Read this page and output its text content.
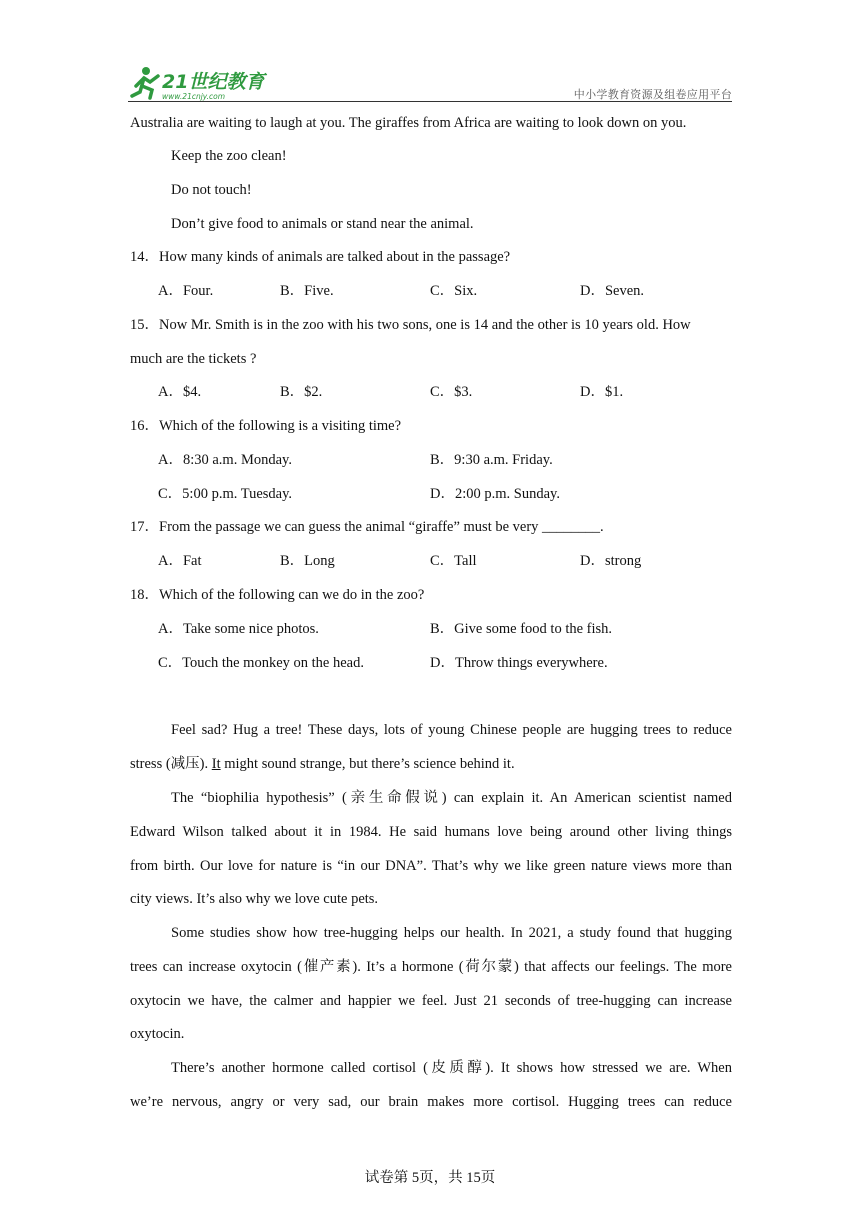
21世纪教育
www.21cnjy.com	中小学教育资源及组卷应用平台
Australia are waiting to laugh at you. The giraffes from Africa are waiting to look down on you.
Keep the zoo clean!
Do not touch!
Don’t give food to animals or stand near the animal.
14．How many kinds of animals are talked about in the passage?
A．Four.	B．Five.	C．Six.	D．Seven.
15．Now Mr. Smith is in the zoo with his two sons, one is 14 and the other is 10 years old. How
much are the tickets ?
A．$4.	B．$2.	C．$3.	D．$1.
16．Which of the following is a visiting time?
A．8:30 a.m. Monday.	B．9:30 a.m. Friday.
C．5:00 p.m. Tuesday.	D．2:00 p.m. Sunday.
17．From the passage we can guess the animal “giraffe” must be very ________.
A．Fat	B．Long	C．Tall	D．strong
18．Which of the following can we do in the zoo?
A．Take some nice photos.	B．Give some food to the fish.
C．Touch the monkey on the head.	D．Throw things everywhere.
Feel sad? Hug a tree! These days, lots of young Chinese people are hugging trees to reduce
stress (减压). It might sound strange, but there’s science behind it.
The “biophilia hypothesis” (亲生命假说) can explain it. An American scientist named
Edward Wilson talked about it in 1984. He said humans love being around other living things
from birth. Our love for nature is “in our DNA”. That’s why we like green nature views more than
city views. It’s also why we love cute pets.
Some studies show how tree-hugging helps our health. In 2021, a study found that hugging
trees can increase oxytocin (催产素). It’s a hormone (荷尔蒙) that affects our feelings. The more
oxytocin we have, the calmer and happier we feel. Just 21 seconds of tree-hugging can increase
oxytocin.
There’s another hormone called cortisol (皮质醇). It shows how stressed we are. When
we’re nervous, angry or very sad, our brain makes more cortisol. Hugging trees can reduce
试卷第 5页，共 15页
